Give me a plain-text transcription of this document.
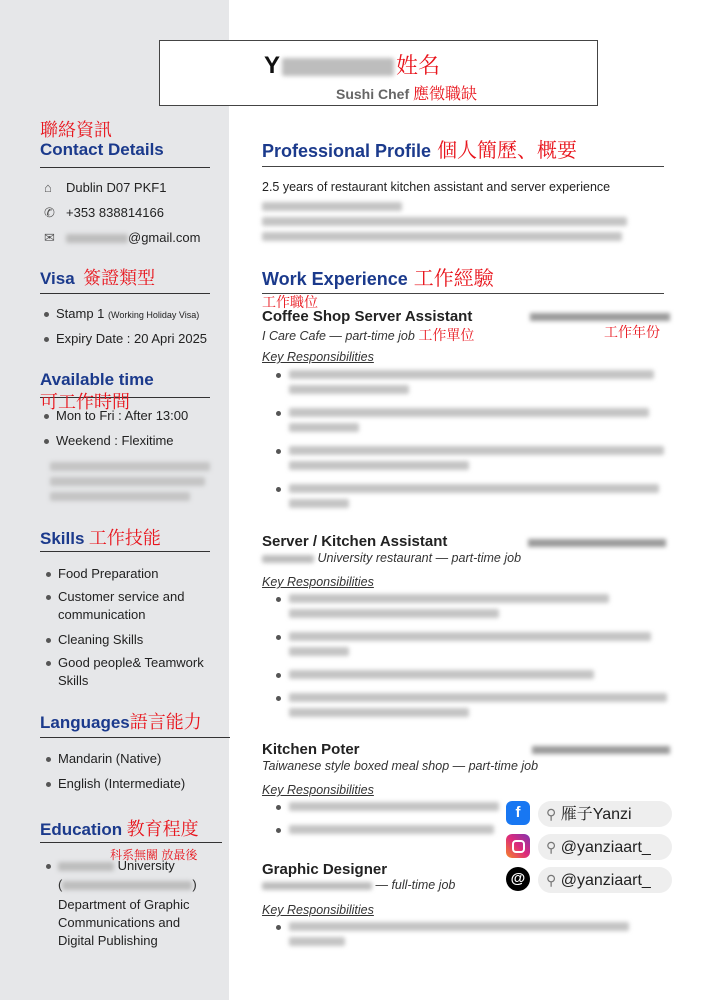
Y	姓名
Sushi Chef 應徵職缺
聯絡資訊
Contact Details
⌂ Dublin D07 PKF1
✆ +353 838814166
✉	@gmail.com
Visa 簽證類型
Stamp 1 (Working Holiday Visa)
Expiry Date : 20 Apri 2025
Available time
可工作時間
Mon to Fri : After 13:00
Weekend : Flexitime
Skills 工作技能
Food Preparation
Customer service and communication
Cleaning Skills
Good people& Teamwork Skills
Languages語言能力
Mandarin (Native)
English (Intermediate)
Education 教育程度
科系無關 放最後
University
(	)
Department of Graphic Communications and Digital Publishing
Professional Profile 個人簡歷、概要
2.5 years of restaurant kitchen assistant and server experience
Work Experience 工作經驗
工作職位
Coffee Shop Server Assistant
I Care Cafe — part-time job 工作單位	工作年份
Key Responsibilities
Server / Kitchen Assistant
University restaurant — part-time job
Key Responsibilities
Kitchen Poter
Taiwanese style boxed meal shop — part-time job
Key Responsibilities
Graphic Designer
— full-time job
Key Responsibilities
f	⚲ 雁子Yanzi
⚲ @yanziaart_
@	⚲ @yanziaart_
